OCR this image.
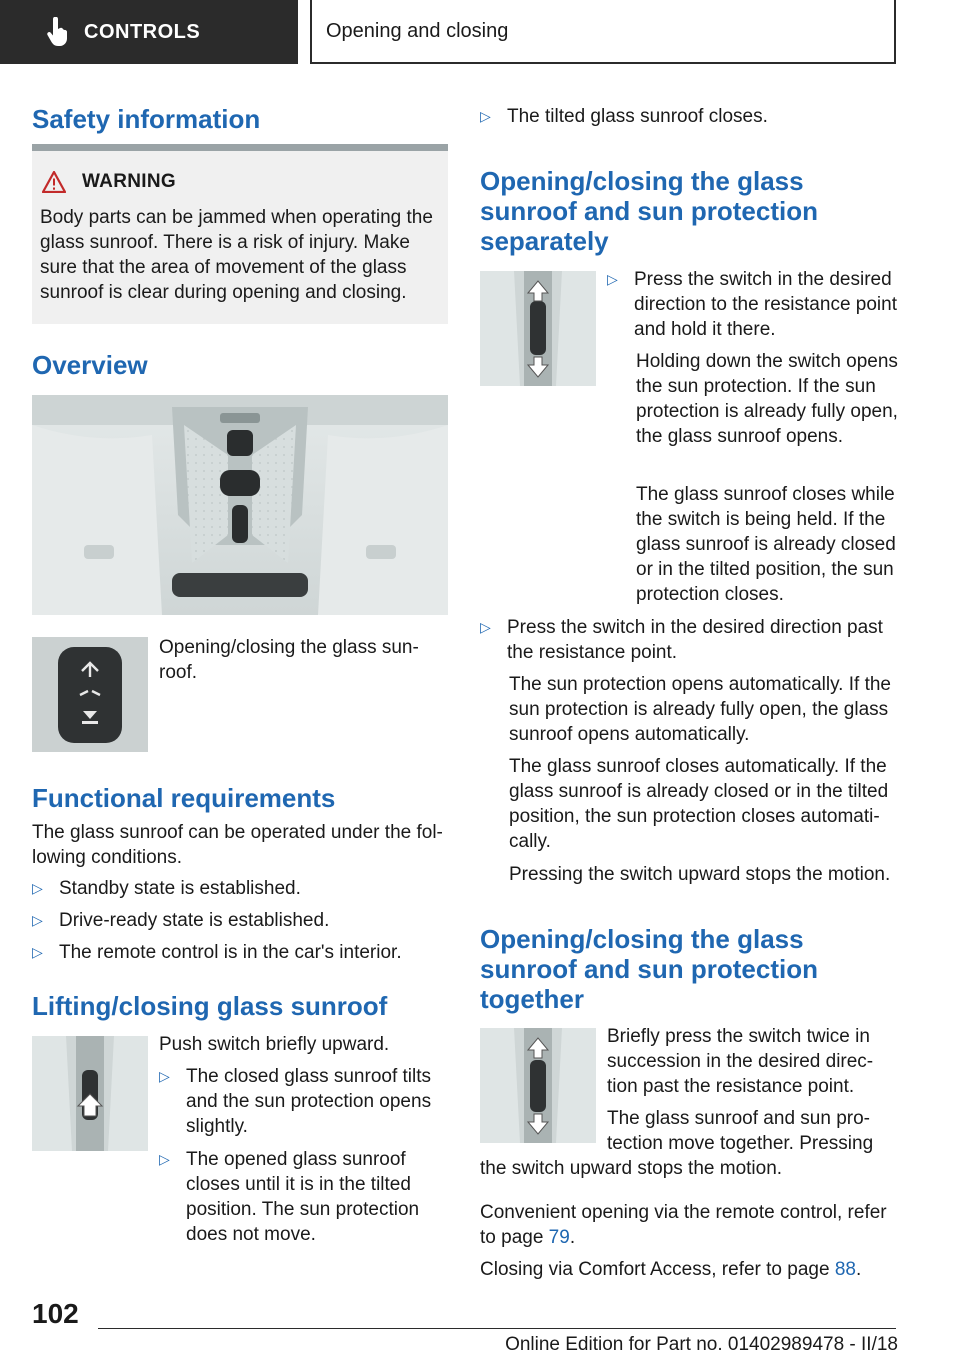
CONTROLS	Opening and closing
Safety information
WARNING

Body parts can be jammed when operating the glass sunroof. There is a risk of injury. Make sure that the area of movement of the glass sunroof is clear during opening and closing.

Overview

Opening/closing the glass sun-roof.

Functional requirements

The glass sunroof can be operated under the fol-lowing conditions.

▷ Standby state is established.
▷ Drive-ready state is established.
▷ The remote control is in the car's interior.
Lifting/closing glass sunroof

Push switch briefly upward.

▷ The closed glass sunroof tilts and the sun protection opens slightly.
▷ The opened glass sunroof closes until it is in the tilted position. The sun protection does not move.
▷ The tilted glass sunroof closes.
Opening/closing the glass sunroof and sun protection separately
▷ Press the switch in the desired direction to the resistance point and hold it there.

Holding down the switch opens the sun protection. If the sun protection is already fully open, the glass sunroof opens.

The glass sunroof closes while the switch is being held. If the glass sunroof is already closed or in the tilted position, the sun protection closes.

▷ Press the switch in the desired direction past the resistance point.

The sun protection opens automatically. If the sun protection is already fully open, the glass sunroof opens automatically.

The glass sunroof closes automatically. If the glass sunroof is already closed or in the tilted position, the sun protection closes automati-cally.

Pressing the switch upward stops the motion.

Opening/closing the glass sunroof and sun protection together

Briefly press the switch twice in succession in the desired direc-tion past the resistance point.

The glass sunroof and sun pro-

tection move together. Pressing

the switch upward stops the motion.

Convenient opening via the remote control, refer to page 79.

Closing via Comfort Access, refer to page 88.

102
Online Edition for Part no. 01402989478 - II/18
